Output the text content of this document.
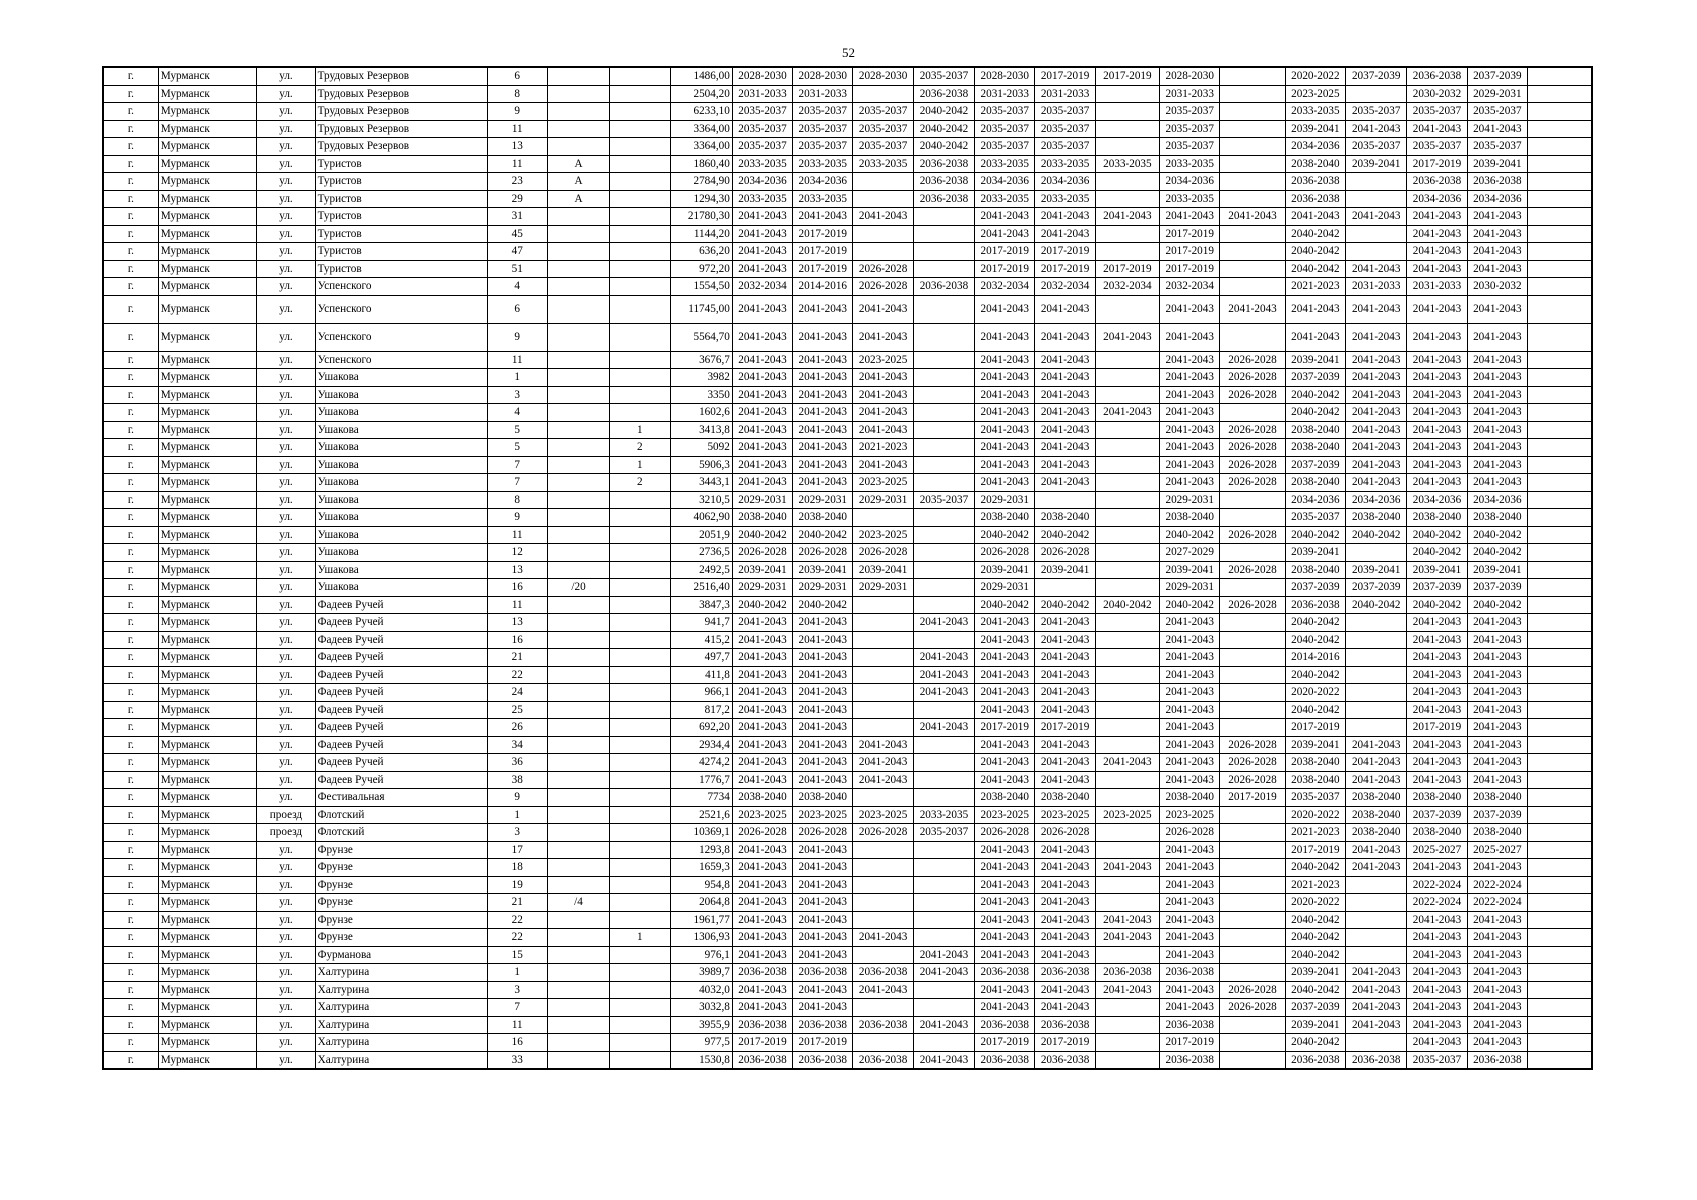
52
г.	Мурманск	ул.	Трудовых Резервов	6			1486,00	2028-2030	2028-2030	2028-2030	2035-2037	2028-2030	2017-2019	2017-2019	2028-2030		2020-2022	2037-2039	2036-2038	2037-2039	
г.	Мурманск	ул.	Трудовых Резервов	8			2504,20	2031-2033	2031-2033		2036-2038	2031-2033	2031-2033		2031-2033		2023-2025		2030-2032	2029-2031	
г.	Мурманск	ул.	Трудовых Резервов	9			6233,10	2035-2037	2035-2037	2035-2037	2040-2042	2035-2037	2035-2037		2035-2037		2033-2035	2035-2037	2035-2037	2035-2037	
г.	Мурманск	ул.	Трудовых Резервов	11			3364,00	2035-2037	2035-2037	2035-2037	2040-2042	2035-2037	2035-2037		2035-2037		2039-2041	2041-2043	2041-2043	2041-2043	
г.	Мурманск	ул.	Трудовых Резервов	13			3364,00	2035-2037	2035-2037	2035-2037	2040-2042	2035-2037	2035-2037		2035-2037		2034-2036	2035-2037	2035-2037	2035-2037	
г.	Мурманск	ул.	Туристов	11	А		1860,40	2033-2035	2033-2035	2033-2035	2036-2038	2033-2035	2033-2035	2033-2035	2033-2035		2038-2040	2039-2041	2017-2019	2039-2041	
г.	Мурманск	ул.	Туристов	23	А		2784,90	2034-2036	2034-2036		2036-2038	2034-2036	2034-2036		2034-2036		2036-2038		2036-2038	2036-2038	
г.	Мурманск	ул.	Туристов	29	А		1294,30	2033-2035	2033-2035		2036-2038	2033-2035	2033-2035		2033-2035		2036-2038		2034-2036	2034-2036	
г.	Мурманск	ул.	Туристов	31			21780,30	2041-2043	2041-2043	2041-2043		2041-2043	2041-2043	2041-2043	2041-2043	2041-2043	2041-2043	2041-2043	2041-2043	2041-2043	
г.	Мурманск	ул.	Туристов	45			1144,20	2041-2043	2017-2019			2041-2043	2041-2043		2017-2019		2040-2042		2041-2043	2041-2043	
г.	Мурманск	ул.	Туристов	47			636,20	2041-2043	2017-2019			2017-2019	2017-2019		2017-2019		2040-2042		2041-2043	2041-2043	
г.	Мурманск	ул.	Туристов	51			972,20	2041-2043	2017-2019	2026-2028		2017-2019	2017-2019	2017-2019	2017-2019		2040-2042	2041-2043	2041-2043	2041-2043	
г.	Мурманск	ул.	Успенского	4			1554,50	2032-2034	2014-2016	2026-2028	2036-2038	2032-2034	2032-2034	2032-2034	2032-2034		2021-2023	2031-2033	2031-2033	2030-2032	
г.	Мурманск	ул.	Успенского	6			11745,00	2041-2043	2041-2043	2041-2043		2041-2043	2041-2043		2041-2043	2041-2043	2041-2043	2041-2043	2041-2043	2041-2043	
г.	Мурманск	ул.	Успенского	9			5564,70	2041-2043	2041-2043	2041-2043		2041-2043	2041-2043	2041-2043	2041-2043		2041-2043	2041-2043	2041-2043	2041-2043	
г.	Мурманск	ул.	Успенского	11			3676,7	2041-2043	2041-2043	2023-2025		2041-2043	2041-2043		2041-2043	2026-2028	2039-2041	2041-2043	2041-2043	2041-2043	
г.	Мурманск	ул.	Ушакова	1			3982	2041-2043	2041-2043	2041-2043		2041-2043	2041-2043		2041-2043	2026-2028	2037-2039	2041-2043	2041-2043	2041-2043	
г.	Мурманск	ул.	Ушакова	3			3350	2041-2043	2041-2043	2041-2043		2041-2043	2041-2043		2041-2043	2026-2028	2040-2042	2041-2043	2041-2043	2041-2043	
г.	Мурманск	ул.	Ушакова	4			1602,6	2041-2043	2041-2043	2041-2043		2041-2043	2041-2043	2041-2043	2041-2043		2040-2042	2041-2043	2041-2043	2041-2043	
г.	Мурманск	ул.	Ушакова	5		1	3413,8	2041-2043	2041-2043	2041-2043		2041-2043	2041-2043		2041-2043	2026-2028	2038-2040	2041-2043	2041-2043	2041-2043	
г.	Мурманск	ул.	Ушакова	5		2	5092	2041-2043	2041-2043	2021-2023		2041-2043	2041-2043		2041-2043	2026-2028	2038-2040	2041-2043	2041-2043	2041-2043	
г.	Мурманск	ул.	Ушакова	7		1	5906,3	2041-2043	2041-2043	2041-2043		2041-2043	2041-2043		2041-2043	2026-2028	2037-2039	2041-2043	2041-2043	2041-2043	
г.	Мурманск	ул.	Ушакова	7		2	3443,1	2041-2043	2041-2043	2023-2025		2041-2043	2041-2043		2041-2043	2026-2028	2038-2040	2041-2043	2041-2043	2041-2043	
г.	Мурманск	ул.	Ушакова	8			3210,5	2029-2031	2029-2031	2029-2031	2035-2037	2029-2031			2029-2031		2034-2036	2034-2036	2034-2036	2034-2036	
г.	Мурманск	ул.	Ушакова	9			4062,90	2038-2040	2038-2040			2038-2040	2038-2040		2038-2040		2035-2037	2038-2040	2038-2040	2038-2040	
г.	Мурманск	ул.	Ушакова	11			2051,9	2040-2042	2040-2042	2023-2025		2040-2042	2040-2042		2040-2042	2026-2028	2040-2042	2040-2042	2040-2042	2040-2042	
г.	Мурманск	ул.	Ушакова	12			2736,5	2026-2028	2026-2028	2026-2028		2026-2028	2026-2028		2027-2029		2039-2041		2040-2042	2040-2042	
г.	Мурманск	ул.	Ушакова	13			2492,5	2039-2041	2039-2041	2039-2041		2039-2041	2039-2041		2039-2041	2026-2028	2038-2040	2039-2041	2039-2041	2039-2041	
г.	Мурманск	ул.	Ушакова	16	/20		2516,40	2029-2031	2029-2031	2029-2031		2029-2031			2029-2031		2037-2039	2037-2039	2037-2039	2037-2039	
г.	Мурманск	ул.	Фадеев Ручей	11			3847,3	2040-2042	2040-2042			2040-2042	2040-2042	2040-2042	2040-2042	2026-2028	2036-2038	2040-2042	2040-2042	2040-2042	
г.	Мурманск	ул.	Фадеев Ручей	13			941,7	2041-2043	2041-2043		2041-2043	2041-2043	2041-2043		2041-2043		2040-2042		2041-2043	2041-2043	
г.	Мурманск	ул.	Фадеев Ручей	16			415,2	2041-2043	2041-2043			2041-2043	2041-2043		2041-2043		2040-2042		2041-2043	2041-2043	
г.	Мурманск	ул.	Фадеев Ручей	21			497,7	2041-2043	2041-2043		2041-2043	2041-2043	2041-2043		2041-2043		2014-2016		2041-2043	2041-2043	
г.	Мурманск	ул.	Фадеев Ручей	22			411,8	2041-2043	2041-2043		2041-2043	2041-2043	2041-2043		2041-2043		2040-2042		2041-2043	2041-2043	
г.	Мурманск	ул.	Фадеев Ручей	24			966,1	2041-2043	2041-2043		2041-2043	2041-2043	2041-2043		2041-2043		2020-2022		2041-2043	2041-2043	
г.	Мурманск	ул.	Фадеев Ручей	25			817,2	2041-2043	2041-2043			2041-2043	2041-2043		2041-2043		2040-2042		2041-2043	2041-2043	
г.	Мурманск	ул.	Фадеев Ручей	26			692,20	2041-2043	2041-2043		2041-2043	2017-2019	2017-2019		2041-2043		2017-2019		2017-2019	2041-2043	
г.	Мурманск	ул.	Фадеев Ручей	34			2934,4	2041-2043	2041-2043	2041-2043		2041-2043	2041-2043		2041-2043	2026-2028	2039-2041	2041-2043	2041-2043	2041-2043	
г.	Мурманск	ул.	Фадеев Ручей	36			4274,2	2041-2043	2041-2043	2041-2043		2041-2043	2041-2043	2041-2043	2041-2043	2026-2028	2038-2040	2041-2043	2041-2043	2041-2043	
г.	Мурманск	ул.	Фадеев Ручей	38			1776,7	2041-2043	2041-2043	2041-2043		2041-2043	2041-2043		2041-2043	2026-2028	2038-2040	2041-2043	2041-2043	2041-2043	
г.	Мурманск	ул.	Фестивальная	9			7734	2038-2040	2038-2040			2038-2040	2038-2040		2038-2040	2017-2019	2035-2037	2038-2040	2038-2040	2038-2040	
г.	Мурманск	проезд	Флотский	1			2521,6	2023-2025	2023-2025	2023-2025	2033-2035	2023-2025	2023-2025	2023-2025	2023-2025		2020-2022	2038-2040	2037-2039	2037-2039	
г.	Мурманск	проезд	Флотский	3			10369,1	2026-2028	2026-2028	2026-2028	2035-2037	2026-2028	2026-2028		2026-2028		2021-2023	2038-2040	2038-2040	2038-2040	
г.	Мурманск	ул.	Фрунзе	17			1293,8	2041-2043	2041-2043			2041-2043	2041-2043		2041-2043		2017-2019	2041-2043	2025-2027	2025-2027	
г.	Мурманск	ул.	Фрунзе	18			1659,3	2041-2043	2041-2043			2041-2043	2041-2043	2041-2043	2041-2043		2040-2042	2041-2043	2041-2043	2041-2043	
г.	Мурманск	ул.	Фрунзе	19			954,8	2041-2043	2041-2043			2041-2043	2041-2043		2041-2043		2021-2023		2022-2024	2022-2024	
г.	Мурманск	ул.	Фрунзе	21	/4		2064,8	2041-2043	2041-2043			2041-2043	2041-2043		2041-2043		2020-2022		2022-2024	2022-2024	
г.	Мурманск	ул.	Фрунзе	22			1961,77	2041-2043	2041-2043			2041-2043	2041-2043	2041-2043	2041-2043		2040-2042		2041-2043	2041-2043	
г.	Мурманск	ул.	Фрунзе	22		1	1306,93	2041-2043	2041-2043	2041-2043		2041-2043	2041-2043	2041-2043	2041-2043		2040-2042		2041-2043	2041-2043	
г.	Мурманск	ул.	Фурманова	15			976,1	2041-2043	2041-2043		2041-2043	2041-2043	2041-2043		2041-2043		2040-2042		2041-2043	2041-2043	
г.	Мурманск	ул.	Халтурина	1			3989,7	2036-2038	2036-2038	2036-2038	2041-2043	2036-2038	2036-2038	2036-2038	2036-2038		2039-2041	2041-2043	2041-2043	2041-2043	
г.	Мурманск	ул.	Халтурина	3			4032,0	2041-2043	2041-2043	2041-2043		2041-2043	2041-2043	2041-2043	2041-2043	2026-2028	2040-2042	2041-2043	2041-2043	2041-2043	
г.	Мурманск	ул.	Халтурина	7			3032,8	2041-2043	2041-2043			2041-2043	2041-2043		2041-2043	2026-2028	2037-2039	2041-2043	2041-2043	2041-2043	
г.	Мурманск	ул.	Халтурина	11			3955,9	2036-2038	2036-2038	2036-2038	2041-2043	2036-2038	2036-2038		2036-2038		2039-2041	2041-2043	2041-2043	2041-2043	
г.	Мурманск	ул.	Халтурина	16			977,5	2017-2019	2017-2019			2017-2019	2017-2019		2017-2019		2040-2042		2041-2043	2041-2043	
г.	Мурманск	ул.	Халтурина	33			1530,8	2036-2038	2036-2038	2036-2038	2041-2043	2036-2038	2036-2038		2036-2038		2036-2038	2036-2038	2035-2037	2036-2038	
